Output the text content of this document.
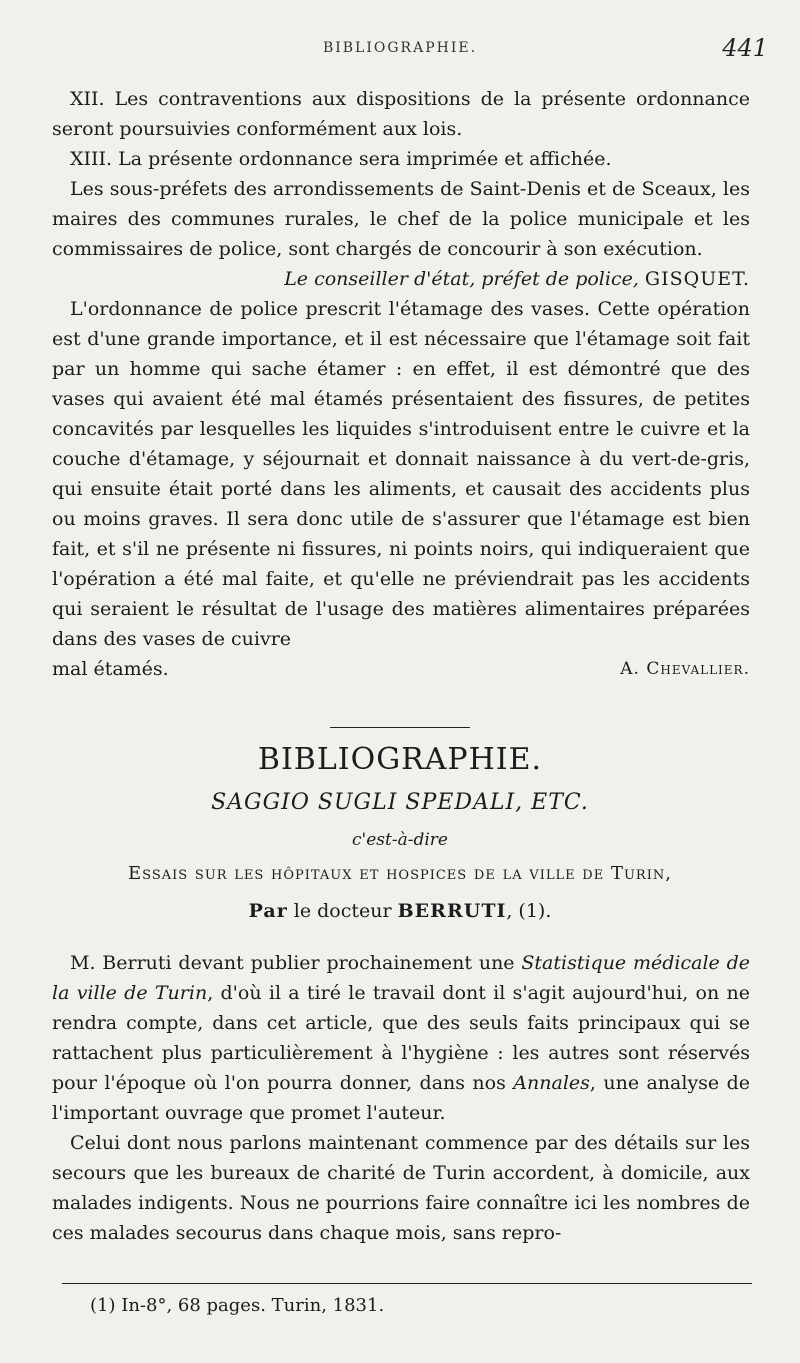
BIBLIOGRAPHIE.	441

XII. Les contraventions aux dispositions de la présente ordonnance seront poursuivies conformément aux lois.

XIII. La présente ordonnance sera imprimée et affichée.

Les sous-préfets des arrondissements de Saint-Denis et de Sceaux, les maires des communes rurales, le chef de la police municipale et les commissaires de police, sont chargés de concourir à son exécution.

Le conseiller d'état, préfet de police, GISQUET.

L'ordonnance de police prescrit l'étamage des vases. Cette opération est d'une grande importance, et il est nécessaire que l'étamage soit fait par un homme qui sache étamer : en effet, il est démontré que des vases qui avaient été mal étamés présentaient des fissures, de petites concavités par lesquelles les liquides s'introduisent entre le cuivre et la couche d'étamage, y séjournait et donnait naissance à du vert-de-gris, qui ensuite était porté dans les aliments, et causait des accidents plus ou moins graves. Il sera donc utile de s'assurer que l'étamage est bien fait, et s'il ne présente ni fissures, ni points noirs, qui indiqueraient que l'opération a été mal faite, et qu'elle ne préviendrait pas les accidents qui seraient le résultat de l'usage des matières alimentaires préparées dans des vases de cuivre

mal étamés.	A. Chevallier.
BIBLIOGRAPHIE.
SAGGIO SUGLI SPEDALI, ETC.
c'est-à-dire
Essais sur les hôpitaux et hospices de la ville de Turin,
Par le docteur BERRUTI, (1).

M. Berruti devant publier prochainement une Statistique médicale de la ville de Turin, d'où il a tiré le travail dont il s'agit aujourd'hui, on ne rendra compte, dans cet article, que des seuls faits principaux qui se rattachent plus particulièrement à l'hygiène : les autres sont réservés pour l'époque où l'on pourra donner, dans nos Annales, une analyse de l'important ouvrage que promet l'auteur.

Celui dont nous parlons maintenant commence par des détails sur les secours que les bureaux de charité de Turin accordent, à domicile, aux malades indigents. Nous ne pourrions faire connaître ici les nombres de ces malades secourus dans chaque mois, sans repro-

(1) In-8°, 68 pages. Turin, 1831.
